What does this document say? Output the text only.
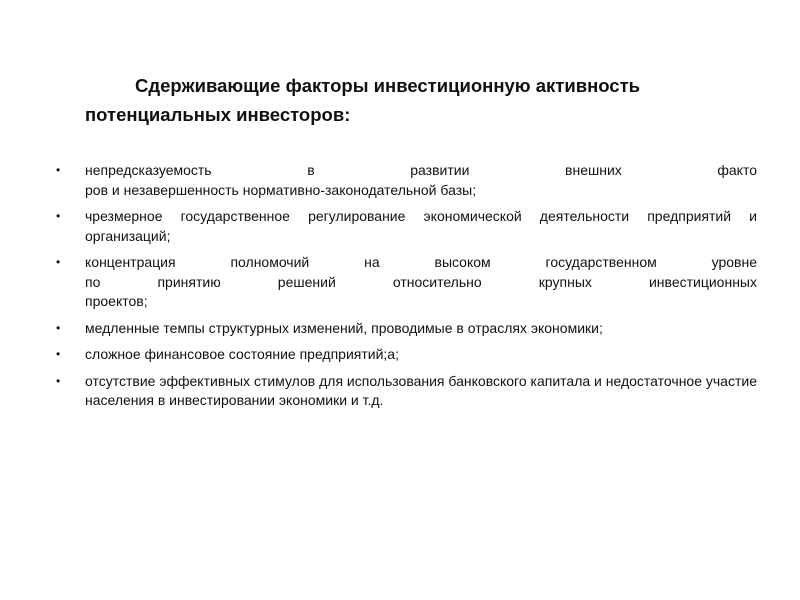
Сдерживающие факторы инвестиционную активность потенциальных инвесторов:

• непредсказуемость в развитии внешних факто
ров и незавершенность нормативно-законодательной базы;
• чрезмерное государственное регулирование экономической деятельности предприятий и организаций;
• концентрация полномочий на высоком государственном уровне
по принятию решений относительно крупных инвестиционных
проектов;
• медленные темпы структурных изменений, проводимые в отраслях экономики;
• сложное финансовое состояние предприятий;а;
• отсутствие эффективных стимулов для использования банковского капитала и недостаточное участие населения в инвестировании экономики и т.д.
